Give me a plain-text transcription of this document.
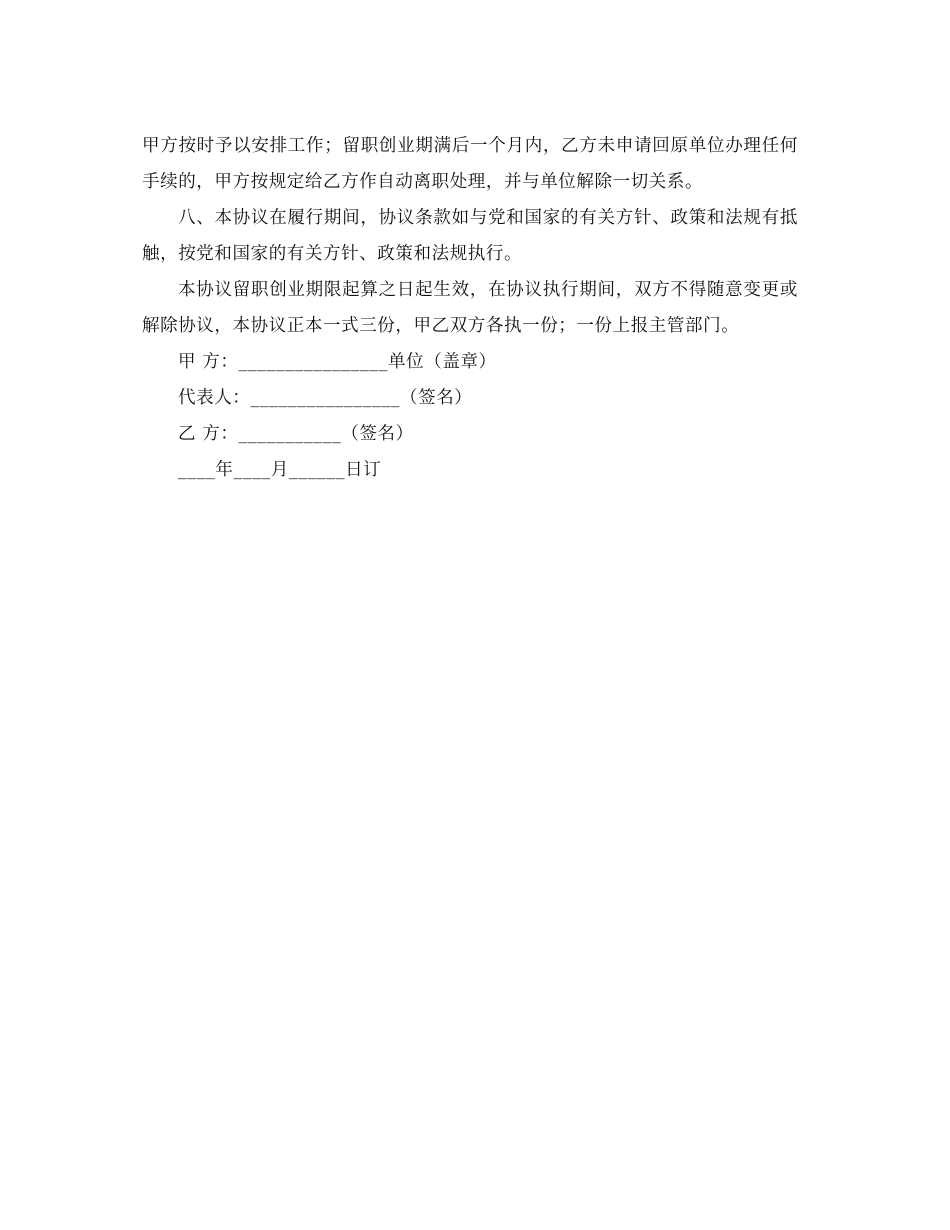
甲方按时予以安排工作；留职创业期满后一个月内，乙方未申请回原单位办理任何手续的，甲方按规定给乙方作自动离职处理，并与单位解除一切关系。

八、本协议在履行期间，协议条款如与党和国家的有关方针、政策和法规有抵触，按党和国家的有关方针、政策和法规执行。

本协议留职创业期限起算之日起生效，在协议执行期间，双方不得随意变更或解除协议，本协议正本一式三份，甲乙双方各执一份；一份上报主管部门。

甲 方：________________单位（盖章）

代表人：________________（签名）

乙 方：___________（签名）

____年____月______日订
